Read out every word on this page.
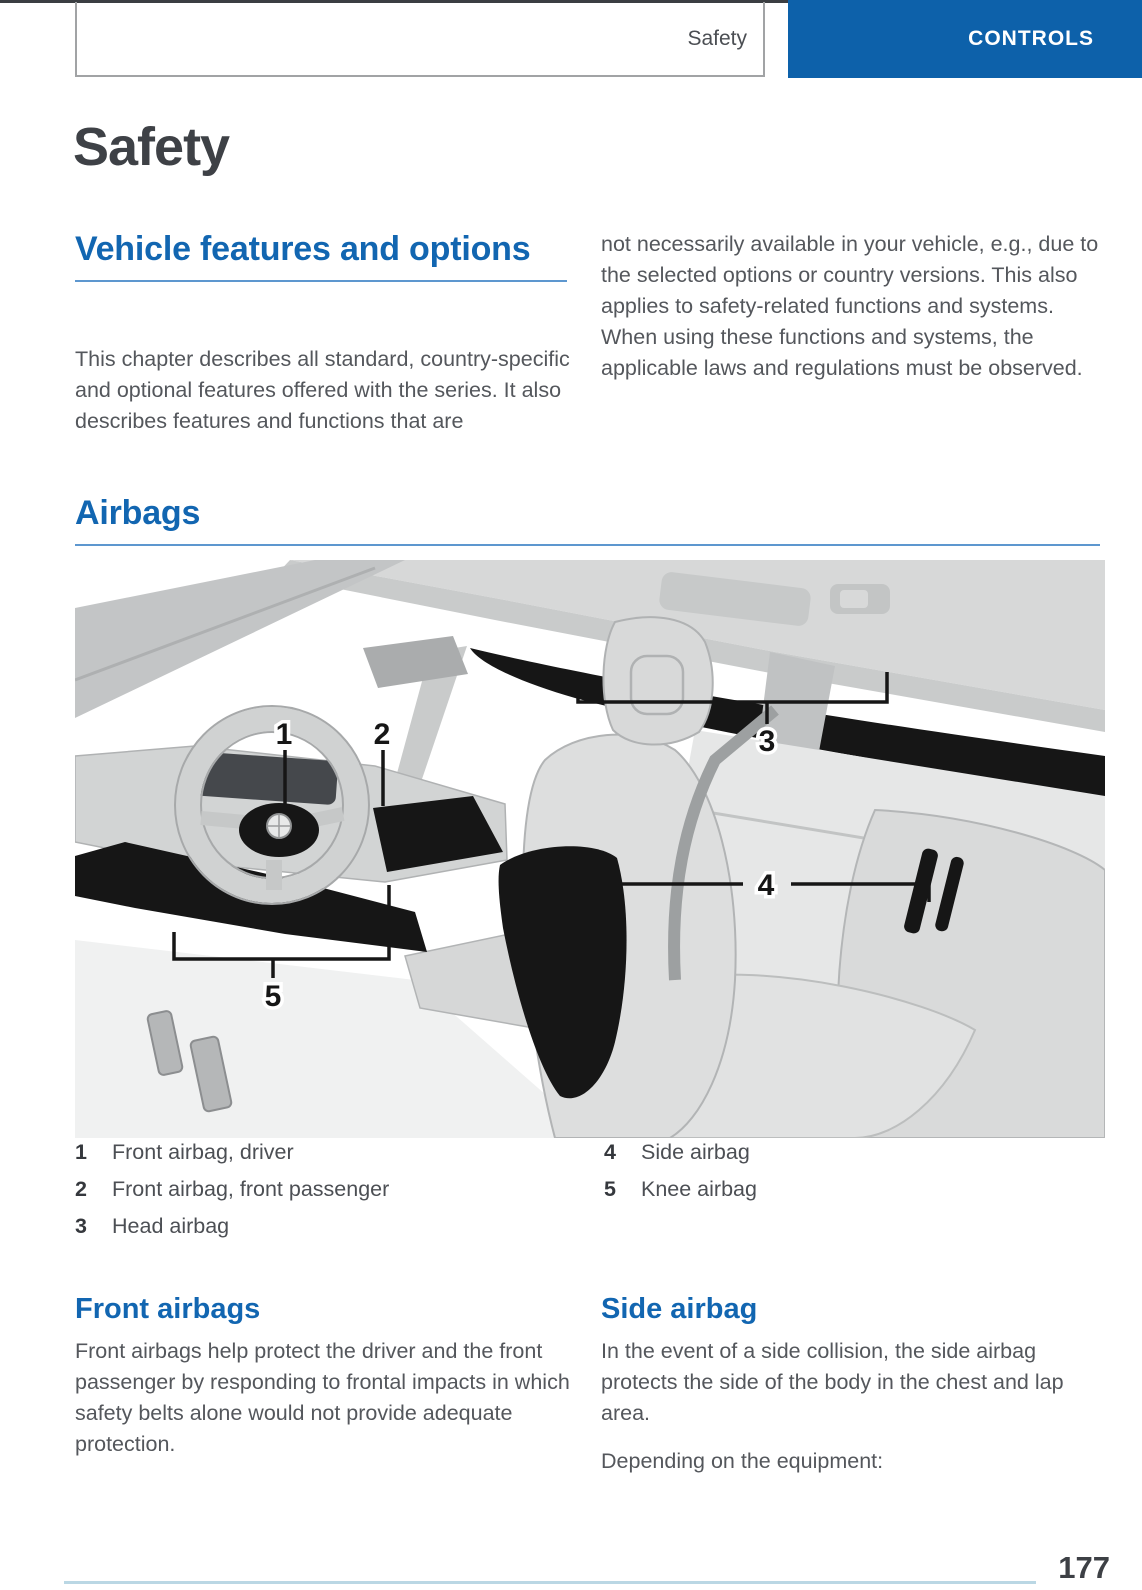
Safety	CONTROLS
Safety
Vehicle features and options

This chapter describes all standard, country-specific and optional features offered with the series. It also describes features and functions that are

not necessarily available in your vehicle, e.g., due to the selected options or country versions. This also applies to safety-related functions and systems. When using these functions and systems, the applicable laws and regulations must be observed.

Airbags
1	2	3
4
5
1	Front airbag, driver
2	Front airbag, front passenger
3	Head airbag
4	Side airbag
5	Knee airbag
Front airbags

Front airbags help protect the driver and the front passenger by responding to frontal impacts in which safety belts alone would not provide adequate protection.

Side airbag

In the event of a side collision, the side airbag protects the side of the body in the chest and lap area.

Depending on the equipment:

177
